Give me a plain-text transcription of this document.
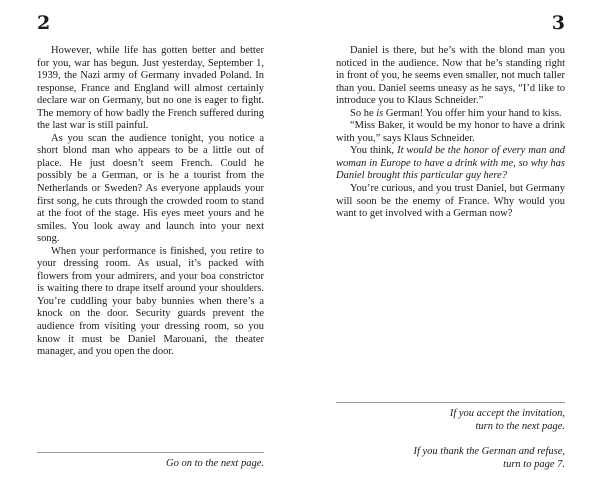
2

However, while life has gotten better and better for you, war has begun. Just yesterday, September 1, 1939, the Nazi army of Germany invaded Poland. In response, France and England will almost certainly declare war on Germany, but no one is eager to fight. The memory of how badly the French suffered during the last war is still painful.

As you scan the audience tonight, you notice a short blond man who appears to be a little out of place. He just doesn’t seem French. Could he possibly be a German, or is he a tourist from the Netherlands or Sweden? As everyone applauds your first song, he cuts through the crowded room to stand at the foot of the stage. His eyes meet yours and he smiles. You look away and launch into your next song.

When your performance is finished, you retire to your dressing room. As usual, it’s packed with flowers from your admirers, and your boa constrictor is waiting there to drape itself around your shoulders. You’re cuddling your baby bunnies when there’s a knock on the door. Security guards prevent the audience from visiting your dressing room, so you know it must be Daniel Marouani, the theater manager, and you open the door.

Go on to the next page.
3

Daniel is there, but he’s with the blond man you noticed in the audience. Now that he’s standing right in front of you, he seems even smaller, not much taller than you. Daniel seems uneasy as he says, “I’d like to introduce you to Klaus Schneider.”

So he is German! You offer him your hand to kiss.

“Miss Baker, it would be my honor to have a drink with you,” says Klaus Schneider.

You think, It would be the honor of every man and woman in Europe to have a drink with me, so why has Daniel brought this particular guy here?

You’re curious, and you trust Daniel, but Germany will soon be the enemy of France. Why would you want to get involved with a German now?

If you accept the invitation,
turn to the next page.
If you thank the German and refuse,
turn to page 7.
